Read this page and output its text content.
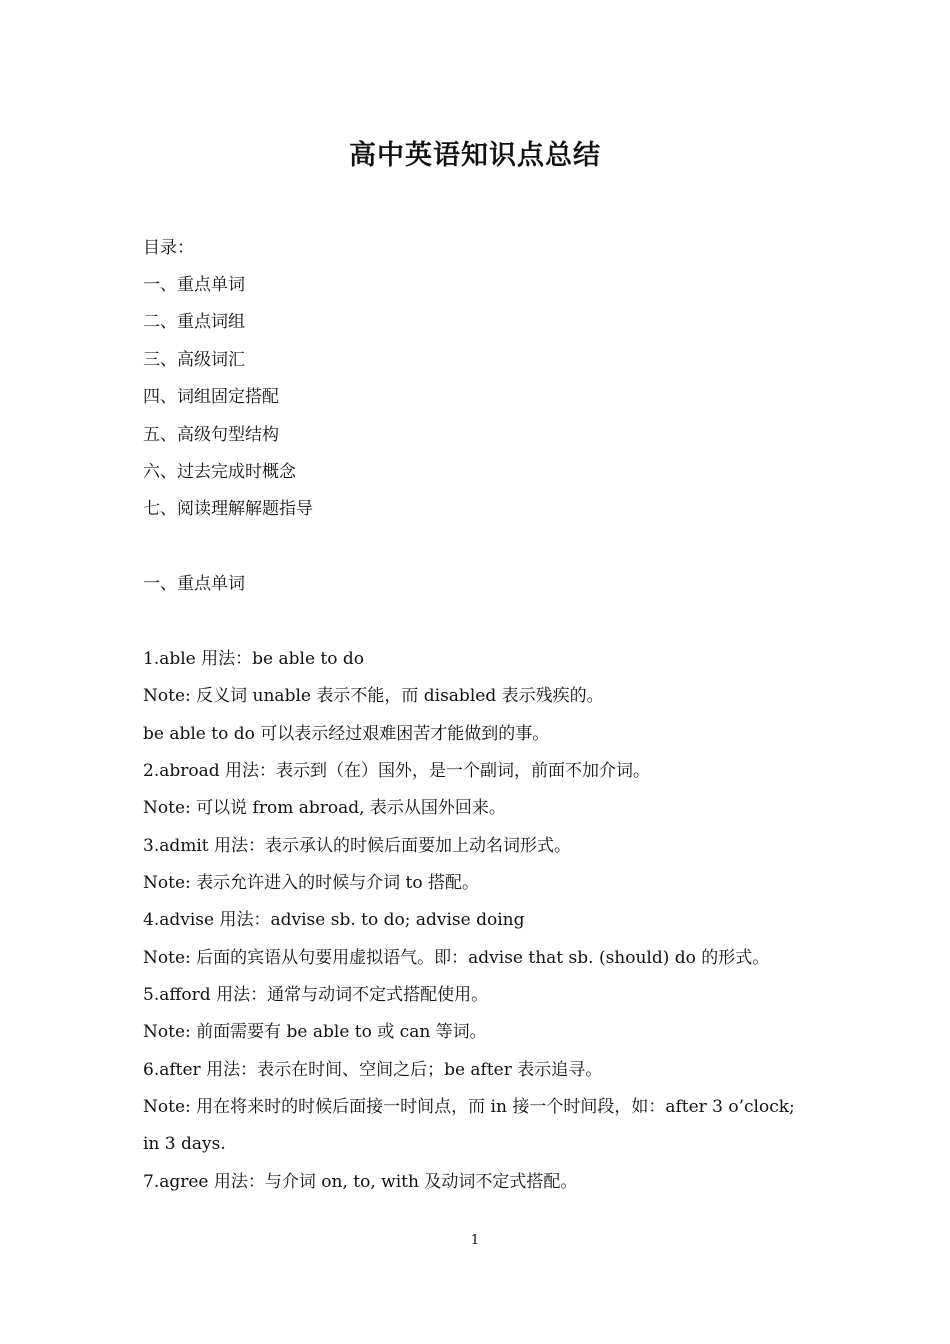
高中英语知识点总结
目录：
一、重点单词
二、重点词组
三、高级词汇
四、词组固定搭配
五、高级句型结构
六、过去完成时概念
七、阅读理解解题指导
一、重点单词
1.able 用法：be able to do
Note: 反义词 unable 表示不能，而 disabled 表示残疾的。
be able to do 可以表示经过艰难困苦才能做到的事。
2.abroad 用法：表示到（在）国外，是一个副词，前面不加介词。
Note: 可以说 from abroad, 表示从国外回来。
3.admit 用法：表示承认的时候后面要加上动名词形式。
Note: 表示允许进入的时候与介词 to 搭配。
4.advise 用法：advise sb. to do; advise doing
Note: 后面的宾语从句要用虚拟语气。即：advise that sb. (should) do 的形式。
5.afford 用法：通常与动词不定式搭配使用。
Note: 前面需要有 be able to 或 can 等词。
6.after 用法：表示在时间、空间之后；be after 表示追寻。
Note: 用在将来时的时候后面接一时间点，而 in 接一个时间段，如：after 3 o’clock;
in 3 days.
7.agree 用法：与介词 on, to, with 及动词不定式搭配。
1
